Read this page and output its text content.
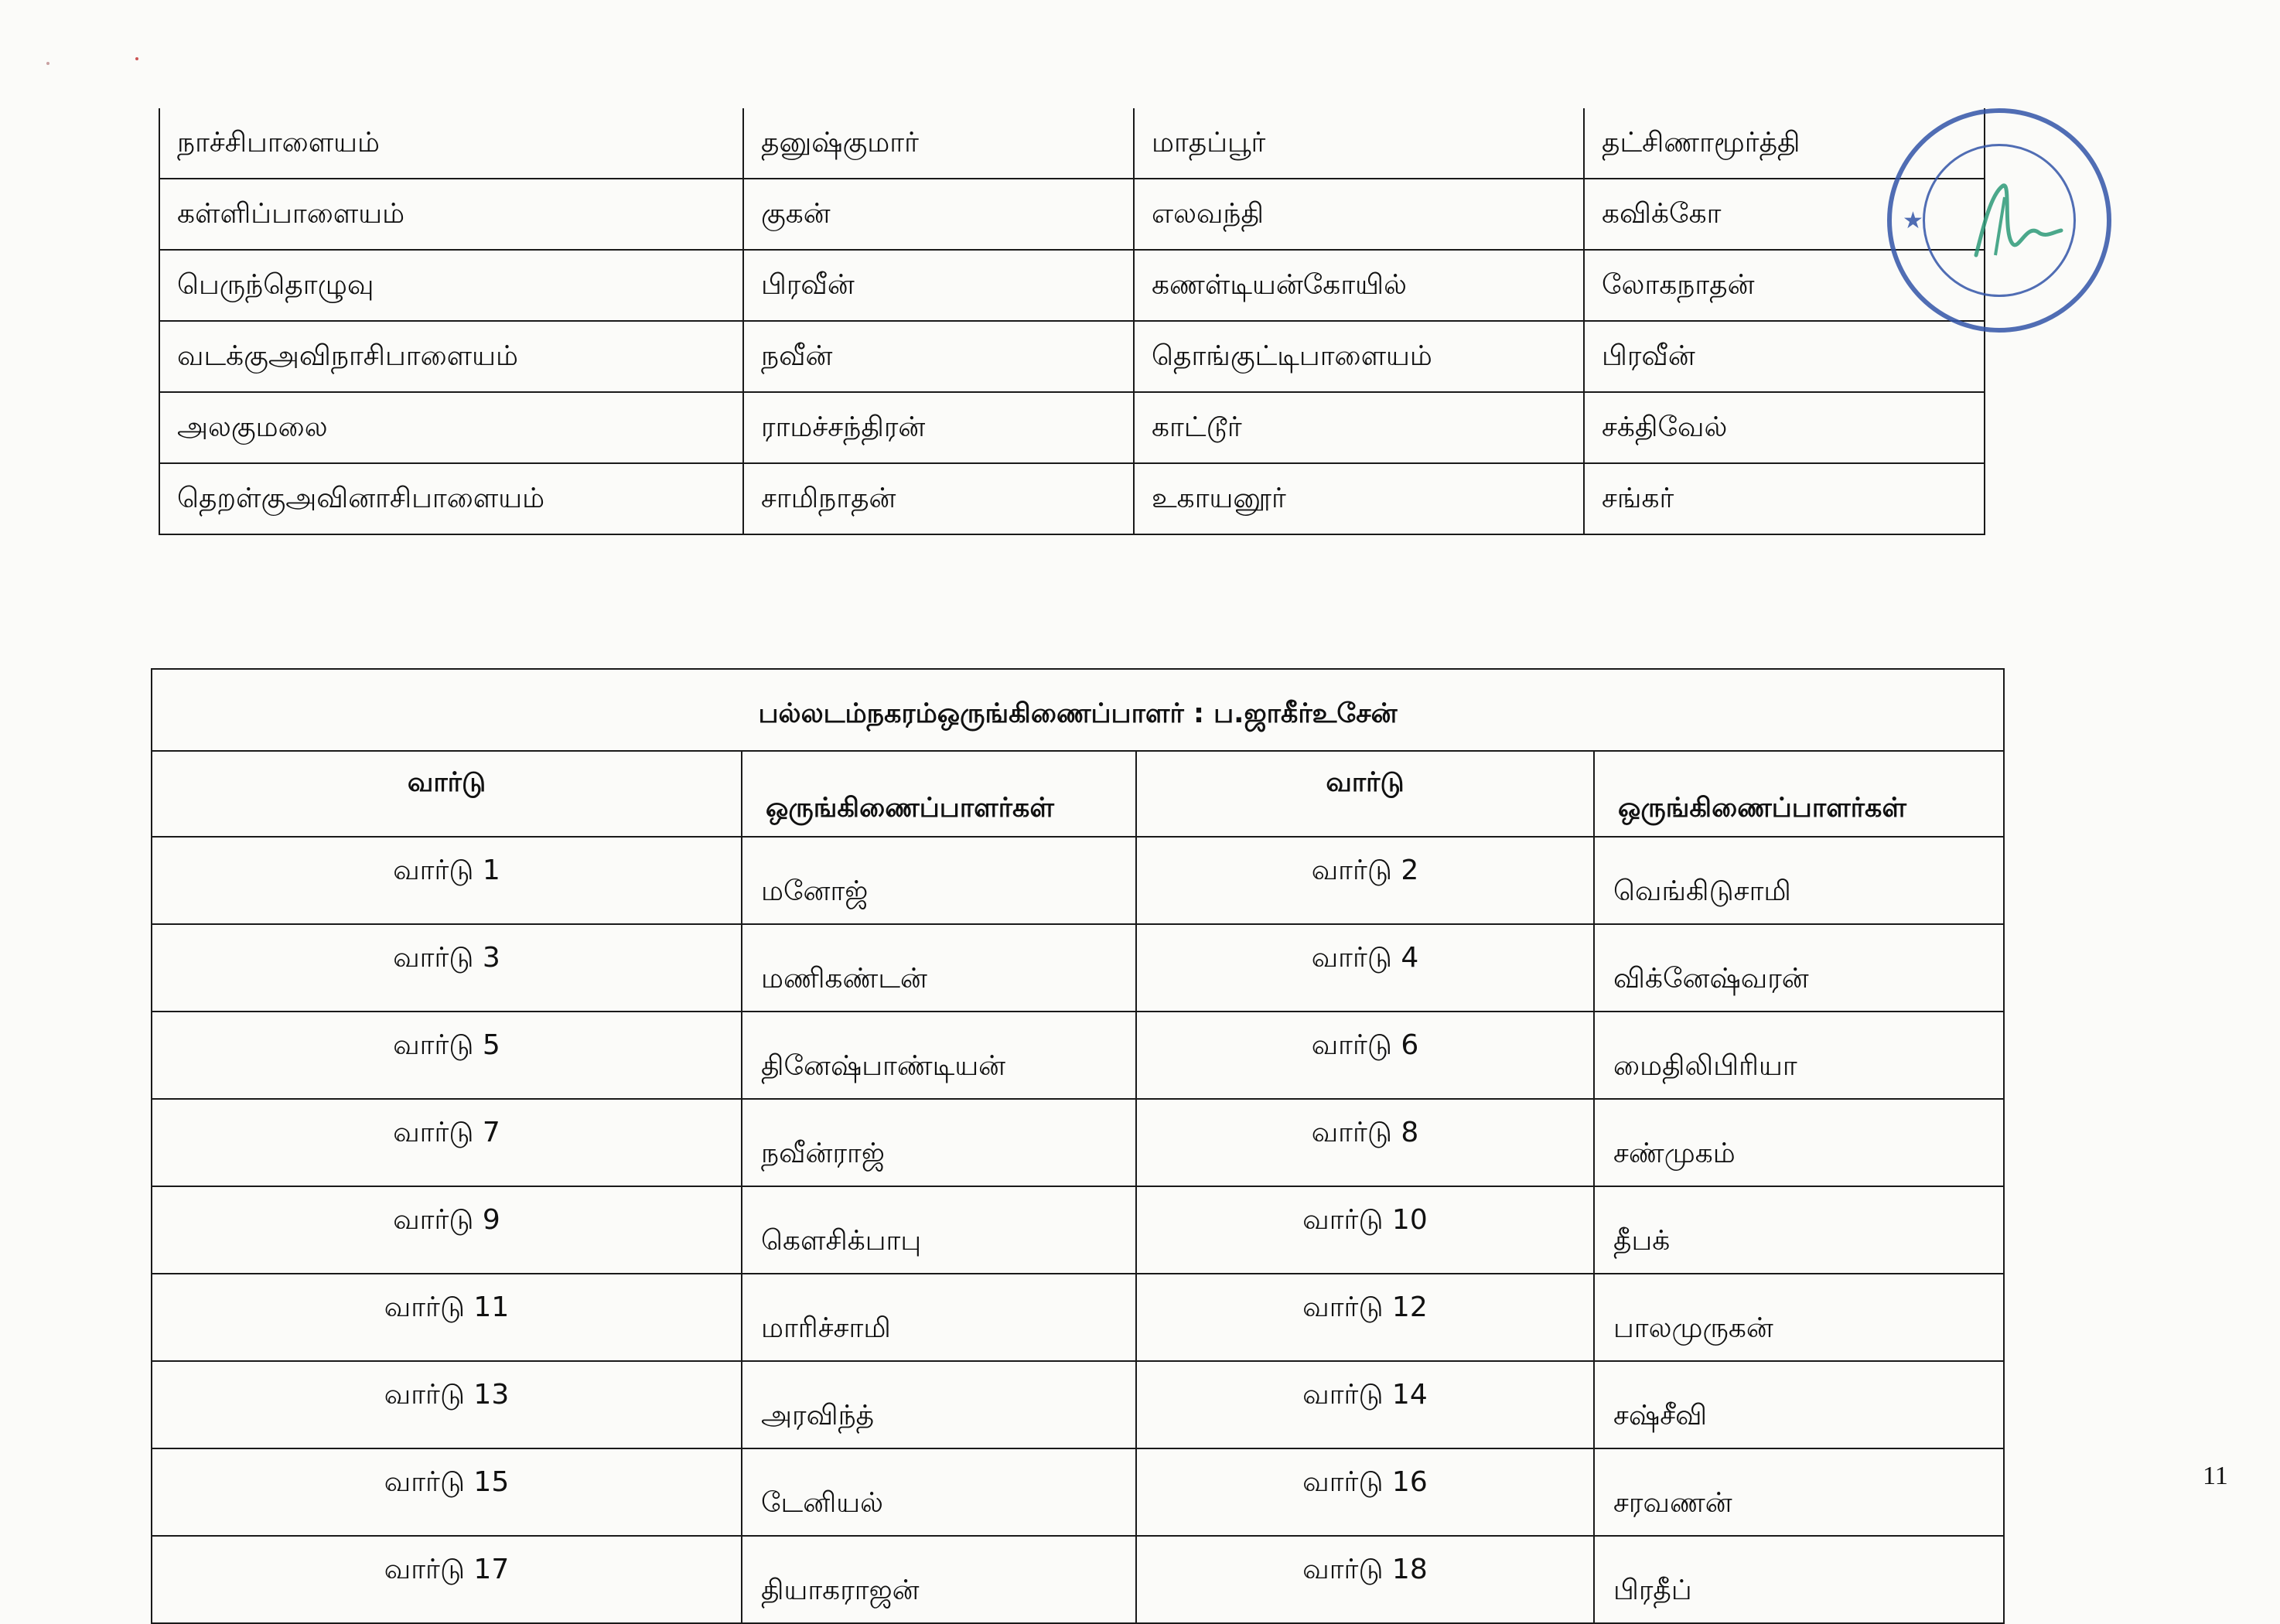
நாச்சிபாளையம்	தனுஷ்குமார்	மாதப்பூர்	தட்சிணாமூர்த்தி
கள்ளிப்பாளையம்	குகன்	எலவந்தி	கவிக்கோ
பெருந்தொழுவு	பிரவீன்	கணள்டியன்கோயில்	லோகநாதன்
வடக்குஅவிநாசிபாளையம்	நவீன்	தொங்குட்டிபாளையம்	பிரவீன்
அலகுமலை	ராமச்சந்திரன்	காட்டூர்	சக்திவேல்
தெறள்குஅவினாசிபாளையம்	சாமிநாதன்	உகாயனூர்	சங்கர்
★
பல்லடம்நகரம்ஒருங்கிணைப்பாளர் : ப.ஜாகீர்உசேன்			
வார்டு	ஒருங்கிணைப்பாளர்கள்	வார்டு	ஒருங்கிணைப்பாளர்கள்
வார்டு 1	மனோஜ்	வார்டு 2	வெங்கிடுசாமி
வார்டு 3	மணிகண்டன்	வார்டு 4	விக்னேஷ்வரன்
வார்டு 5	தினேஷ்பாண்டியன்	வார்டு 6	மைதிலிபிரியா
வார்டு 7	நவீன்ராஜ்	வார்டு 8	சண்முகம்
வார்டு 9	கௌசிக்பாபு	வார்டு 10	தீபக்
வார்டு 11	மாரிச்சாமி	வார்டு 12	பாலமுருகன்
வார்டு 13	அரவிந்த்	வார்டு 14	சஷ்சீவி
வார்டு 15	டேனியல்	வார்டு 16	சரவணன்
வார்டு 17	தியாகராஜன்	வார்டு 18	பிரதீப்
11
